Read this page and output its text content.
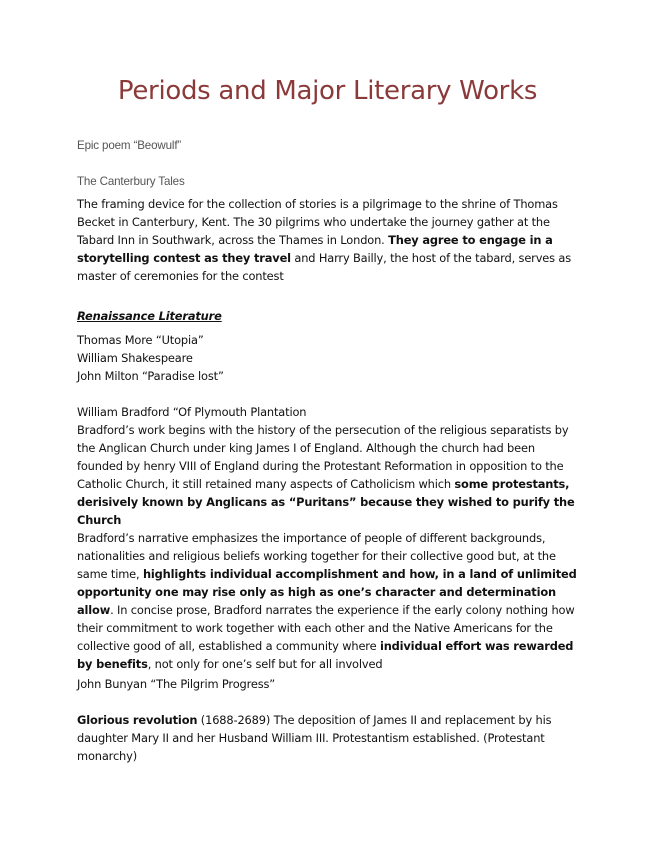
Periods and Major Literary Works
Epic poem “Beowulf”
The Canterbury Tales

The framing device for the collection of stories is a pilgrimage to the shrine of Thomas Becket in Canterbury, Kent. The 30 pilgrims who undertake the journey gather at the Tabard Inn in Southwark, across the Thames in London. They agree to engage in a storytelling contest as they travel and Harry Bailly, the host of the tabard, serves as master of ceremonies for the contest

Renaissance Literature
Thomas More “Utopia”
William Shakespeare
John Milton “Paradise lost”
William Bradford “Of Plymouth Plantation

Bradford’s work begins with the history of the persecution of the religious separatists by the Anglican Church under king James I of England. Although the church had been founded by henry VIII of England during the Protestant Reformation in opposition to the Catholic Church, it still retained many aspects of Catholicism which some protestants, derisively known by Anglicans as “Puritans” because they wished to purify the Church

Bradford’s narrative emphasizes the importance of people of different backgrounds, nationalities and religious beliefs working together for their collective good but, at the same time, highlights individual accomplishment and how, in a land of unlimited opportunity one may rise only as high as one’s character and determination allow. In concise prose, Bradford narrates the experience if the early colony nothing how their commitment to work together with each other and the Native Americans for the collective good of all, established a community where individual effort was rewarded by benefits, not only for one’s self but for all involved

John Bunyan “The Pilgrim Progress”

Glorious revolution (1688-2689) The deposition of James II and replacement by his daughter Mary II and her Husband William III. Protestantism established. (Protestant monarchy)
